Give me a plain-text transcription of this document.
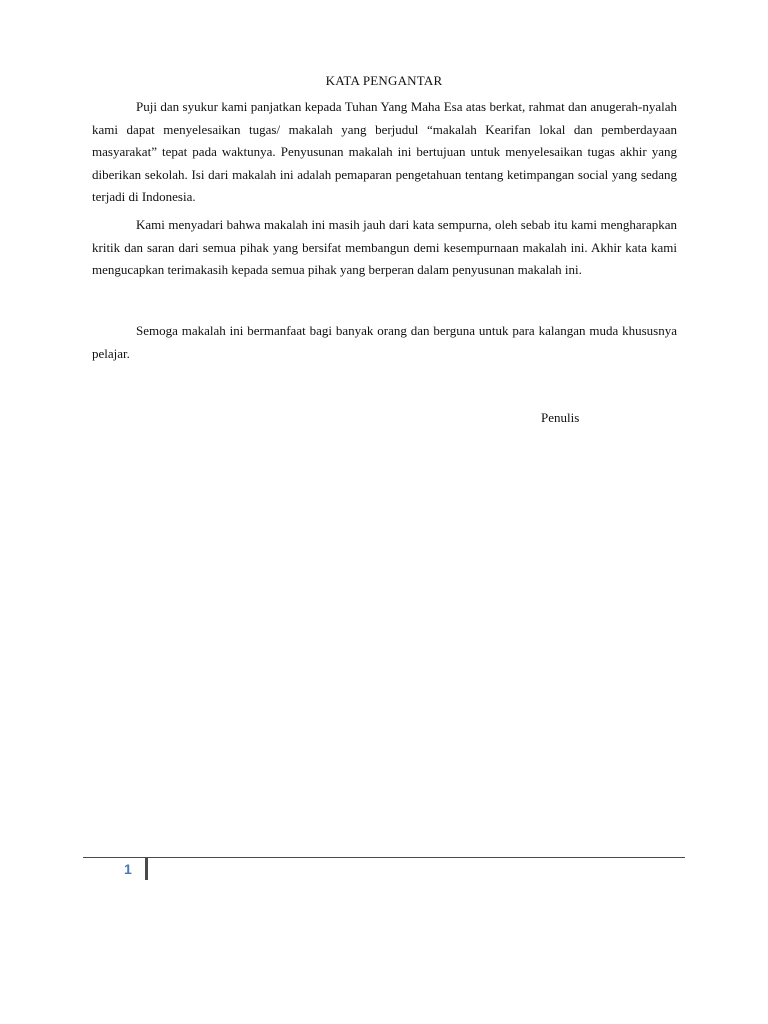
KATA PENGANTAR

Puji dan syukur kami panjatkan kepada Tuhan Yang Maha Esa atas berkat, rahmat dan anugerah-nyalah kami dapat menyelesaikan tugas/ makalah yang berjudul “makalah Kearifan lokal dan pemberdayaan masyarakat” tepat pada waktunya. Penyusunan makalah ini bertujuan untuk menyelesaikan tugas akhir yang diberikan sekolah. Isi dari makalah ini adalah pemaparan pengetahuan tentang ketimpangan social yang sedang terjadi di Indonesia.

Kami menyadari bahwa makalah ini masih jauh dari kata sempurna, oleh sebab itu kami mengharapkan kritik dan saran dari semua pihak yang bersifat membangun demi kesempurnaan makalah ini. Akhir kata kami mengucapkan terimakasih kepada semua pihak yang berperan dalam penyusunan makalah ini.

Semoga makalah ini bermanfaat bagi banyak orang dan berguna untuk para kalangan muda khususnya pelajar.

Penulis
1
